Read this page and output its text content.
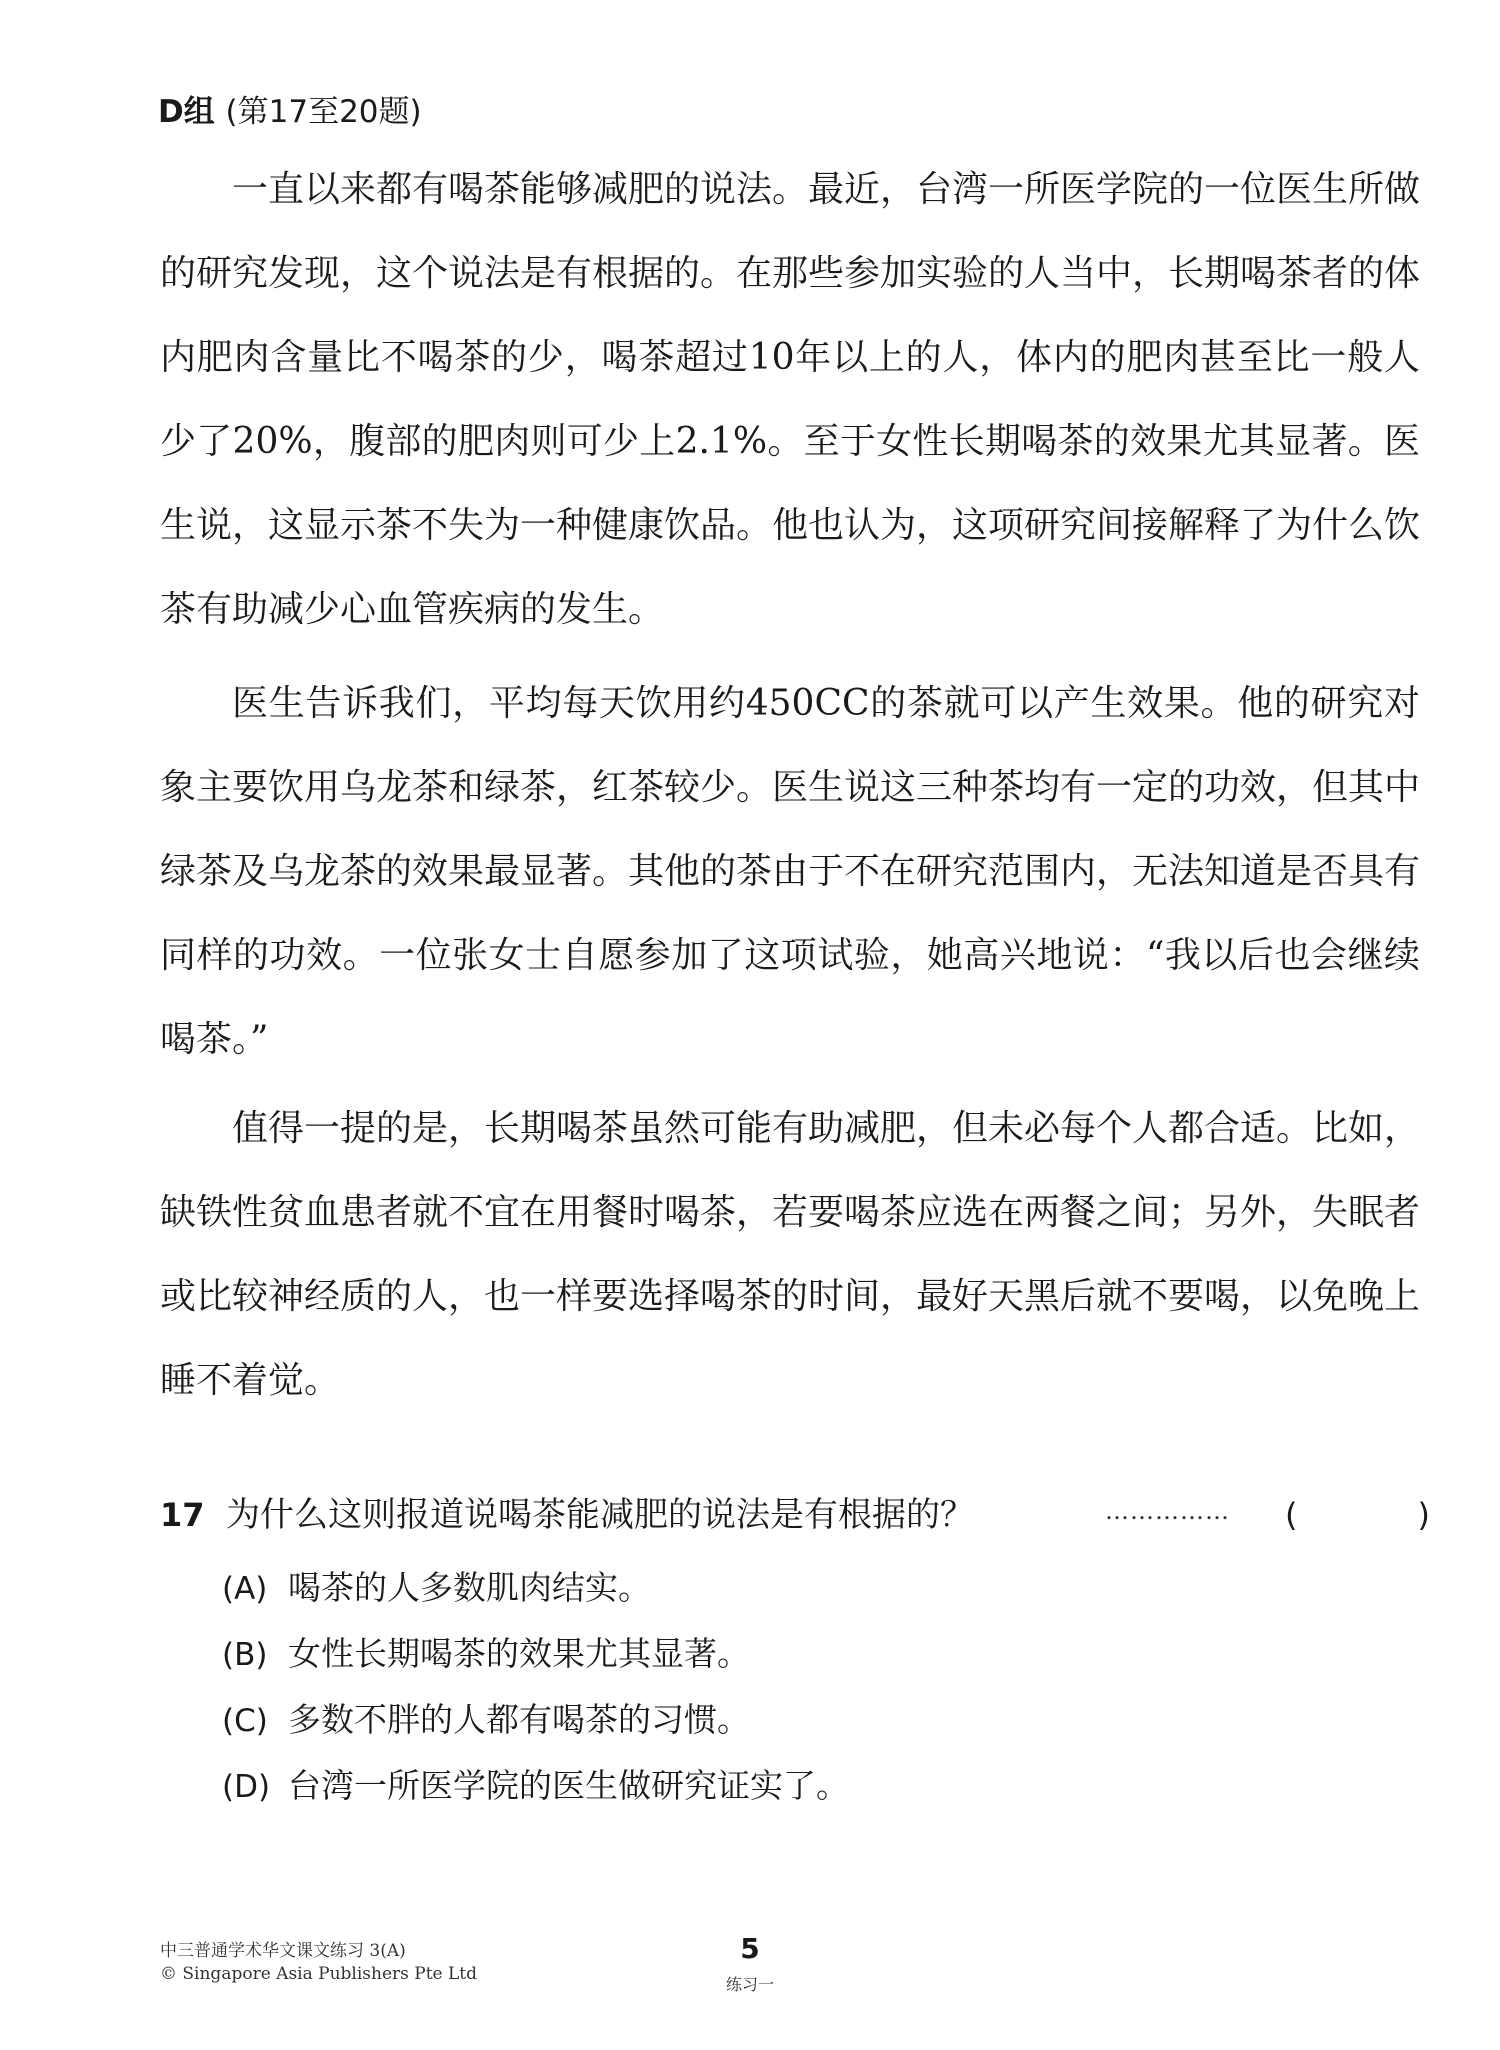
D组 (第17至20题)

一直以来都有喝茶能够减肥的说法。最近，台湾一所医学院的一位医生所做的研究发现，这个说法是有根据的。在那些参加实验的人当中，长期喝茶者的体内肥肉含量比不喝茶的少，喝茶超过10年以上的人，体内的肥肉甚至比一般人少了20%，腹部的肥肉则可少上2.1%。至于女性长期喝茶的效果尤其显著。医生说，这显示茶不失为一种健康饮品。他也认为，这项研究间接解释了为什么饮茶有助减少心血管疾病的发生。

医生告诉我们，平均每天饮用约450CC的茶就可以产生效果。他的研究对象主要饮用乌龙茶和绿茶，红茶较少。医生说这三种茶均有一定的功效，但其中绿茶及乌龙茶的效果最显著。其他的茶由于不在研究范围内，无法知道是否具有同样的功效。一位张女士自愿参加了这项试验，她高兴地说：“我以后也会继续喝茶。”

值得一提的是，长期喝茶虽然可能有助减肥，但未必每个人都合适。比如，缺铁性贫血患者就不宜在用餐时喝茶，若要喝茶应选在两餐之间；另外，失眠者或比较神经质的人，也一样要选择喝茶的时间，最好天黑后就不要喝，以免晚上睡不着觉。

17 为什么这则报道说喝茶能减肥的说法是有根据的？	…………… (	)
(A) 喝茶的人多数肌肉结实。
(B) 女性长期喝茶的效果尤其显著。
(C) 多数不胖的人都有喝茶的习惯。
(D) 台湾一所医学院的医生做研究证实了。
中三普通学术华文课文练习 3(A)
© Singapore Asia Publishers Pte Ltd
5
练习一
